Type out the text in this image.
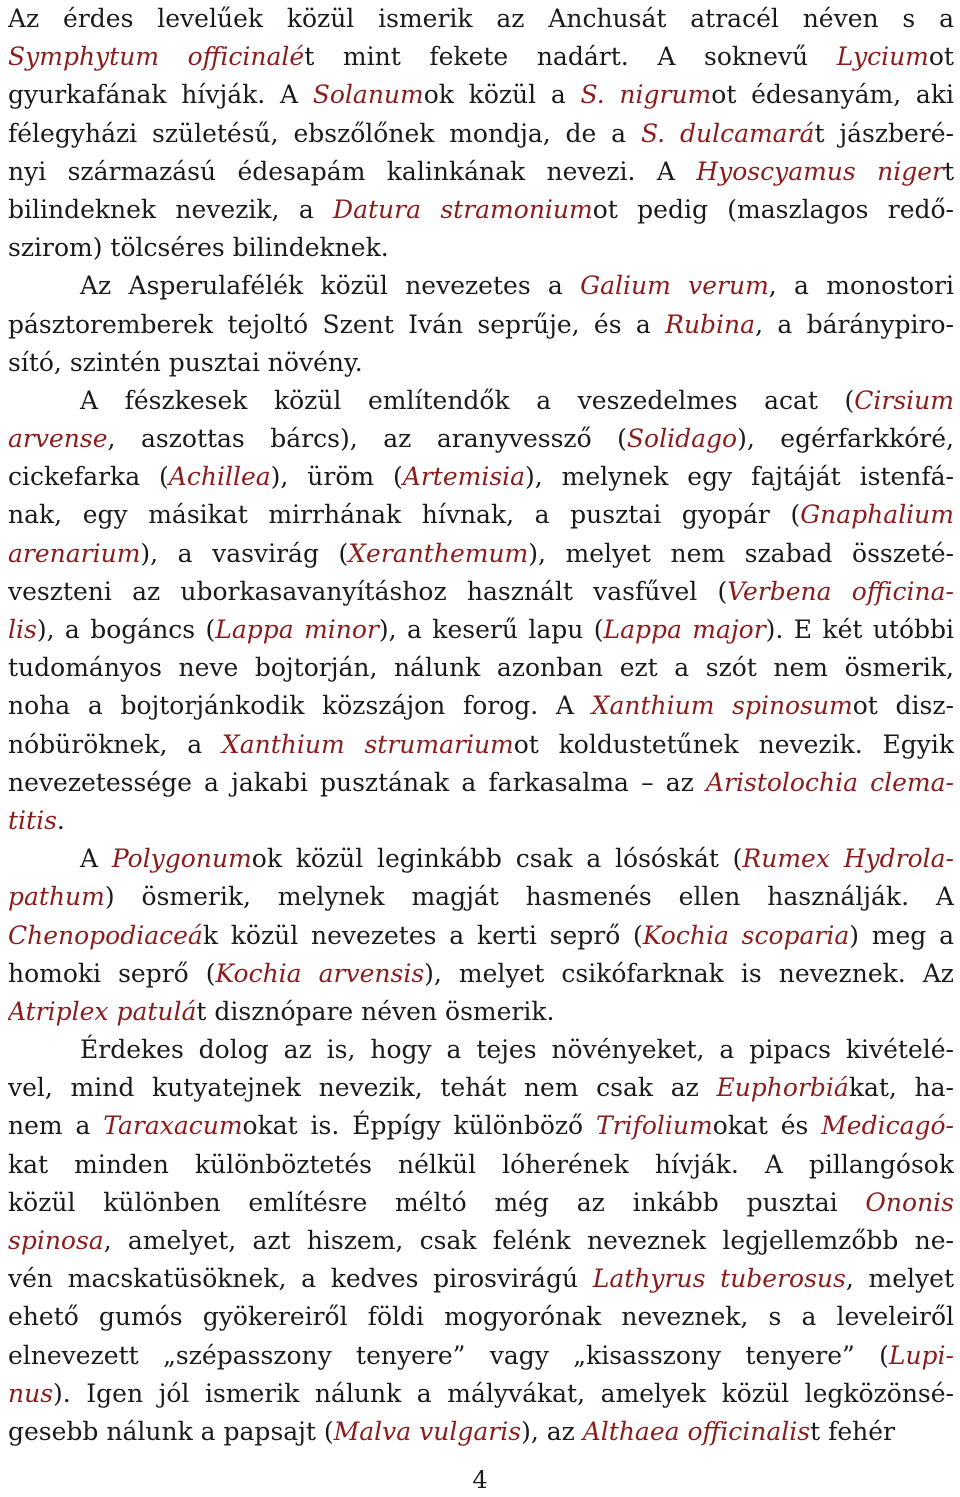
Az érdes levelűek közül ismerik az Anchusát atracél néven s a
Symphytum officinalét mint fekete nadárt. A soknevű Lyciumot
gyurkafának hívják. A Solanumok közül a S. nigrumot édesanyám, aki
félegyházi születésű, ebszőlőnek mondja, de a S. dulcamarát jászberé-
nyi származású édesapám kalinkának nevezi. A Hyoscyamus nigert
bilindeknek nevezik, a Datura stramoniumot pedig (maszlagos redő-
szirom) tölcséres bilindeknek.
Az Asperulafélék közül nevezetes a Galium verum, a monostori
pásztoremberek tejoltó Szent Iván seprűje, és a Rubina, a báránypiro-
sító, szintén pusztai növény.
A fészkesek közül említendők a veszedelmes acat (Cirsium
arvense, aszottas bárcs), az aranyvessző (Solidago), egérfarkkóré,
cickefarka (Achillea), üröm (Artemisia), melynek egy fajtáját istenfá-
nak, egy másikat mirrhának hívnak, a pusztai gyopár (Gnaphalium
arenarium), a vasvirág (Xeranthemum), melyet nem szabad összeté-
veszteni az uborkasavanyításhoz használt vasfűvel (Verbena officina-
lis), a bogáncs (Lappa minor), a keserű lapu (Lappa major). E két utóbbi
tudományos neve bojtorján, nálunk azonban ezt a szót nem ösmerik,
noha a bojtorjánkodik közszájon forog. A Xanthium spinosumot disz-
nóbüröknek, a Xanthium strumariumot koldustetűnek nevezik. Egyik
nevezetessége a jakabi pusztának a farkasalma – az Aristolochia clema-
titis.
A Polygonumok közül leginkább csak a lósóskát (Rumex Hydrola-
pathum) ösmerik, melynek magját hasmenés ellen használják. A
Chenopodiaceák közül nevezetes a kerti seprő (Kochia scoparia) meg a
homoki seprő (Kochia arvensis), melyet csikófarknak is neveznek. Az
Atriplex patulát disznópare néven ösmerik.
Érdekes dolog az is, hogy a tejes növényeket, a pipacs kivételé-
vel, mind kutyatejnek nevezik, tehát nem csak az Euphorbiákat, ha-
nem a Taraxacumokat is. Éppígy különböző Trifoliumokat és Medicagó-
kat minden különböztetés nélkül lóherének hívják. A pillangósok
közül különben említésre méltó még az inkább pusztai Ononis
spinosa, amelyet, azt hiszem, csak felénk neveznek legjellemzőbb ne-
vén macskatüsöknek, a kedves pirosvirágú Lathyrus tuberosus, melyet
ehető gumós gyökereiről földi mogyorónak neveznek, s a leveleiről
elnevezett „szépasszony tenyere” vagy „kisasszony tenyere” (Lupi-
nus). Igen jól ismerik nálunk a mályvákat, amelyek közül legközönsé-
gesebb nálunk a papsajt (Malva vulgaris), az Althaea officinalist fehér
4
